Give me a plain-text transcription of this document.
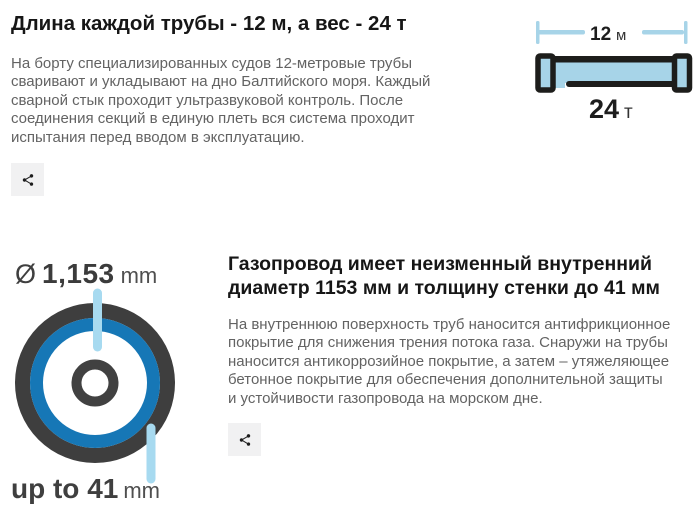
Длина каждой трубы - 12 м, а вес - 24 т
На борту специализированных судов 12-метровые трубы сваривают и укладывают на дно Балтийского моря. Каждый сварной стык проходит ультразвуковой контроль. После соединения секций в единую плеть вся система проходит испытания перед вводом в эксплуатацию.
12 м
24 т
Ø 1,153 mm
up to 41 mm
Газопровод имеет неизменный внутренний диаметр 1153 мм и толщину стенки до 41 мм
На внутреннюю поверхность труб наносится антифрикционное покрытие для снижения трения потока газа. Снаружи на трубы наносится антикоррозийное покрытие, а затем – утяжеляющее бетонное покрытие для обеспечения дополнительной защиты и устойчивости газопровода на морском дне.
